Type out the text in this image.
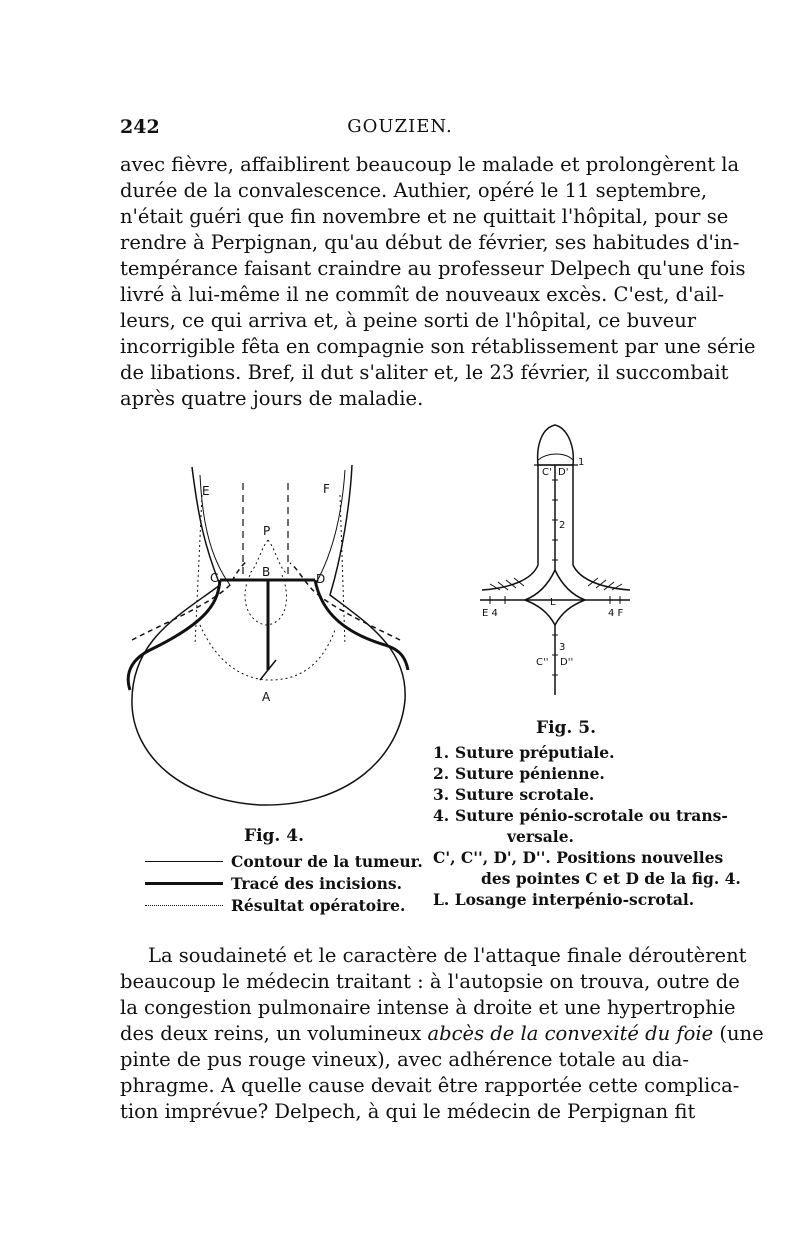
242	GOUZIEN.
avec fièvre, affaiblirent beaucoup le malade et prolongèrent la
durée de la convalescence. Authier, opéré le 11 septembre,
n'était guéri que fin novembre et ne quittait l'hôpital, pour se
rendre à Perpignan, qu'au début de février, ses habitudes d'in-
tempérance faisant craindre au professeur Delpech qu'une fois
livré à lui-même il ne commît de nouveaux excès. C'est, d'ail-
leurs, ce qui arriva et, à peine sorti de l'hôpital, ce buveur
incorrigible fêta en compagnie son rétablissement par une série
de libations. Bref, il dut s'aliter et, le 23 février, il succombait
après quatre jours de maladie.
E	F
P
B
C	D
A
Fig. 4.
Contour de la tumeur.
Tracé des incisions.
Résultat opératoire.
C' D'
1
2
L
E 4	4 F
3
C'' D''
Fig. 5.
1. Suture préputiale.
2. Suture pénienne.
3. Suture scrotale.
4. Suture pénio-scrotale ou trans-
versale.
C', C'', D', D''. Positions nouvelles
des pointes C et D de la fig. 4.
L. Losange interpénio-scrotal.
La soudaineté et le caractère de l'attaque finale déroutèrent
beaucoup le médecin traitant : à l'autopsie on trouva, outre de
la congestion pulmonaire intense à droite et une hypertrophie
des deux reins, un volumineux abcès de la convexité du foie (une
pinte de pus rouge vineux), avec adhérence totale au dia-
phragme. A quelle cause devait être rapportée cette complica-
tion imprévue? Delpech, à qui le médecin de Perpignan fit
